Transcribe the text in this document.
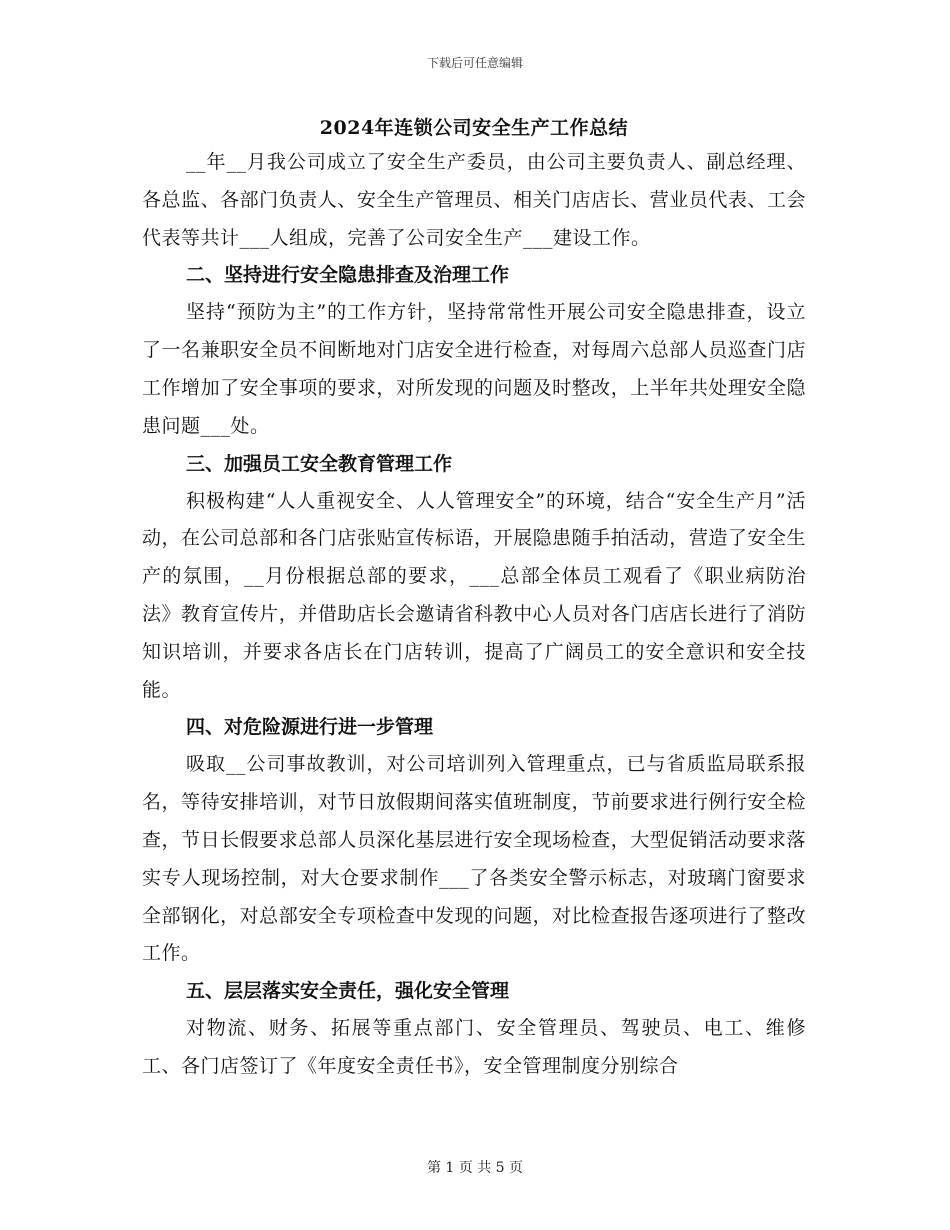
下载后可任意编辑
2024年连锁公司安全生产工作总结

__年__月我公司成立了安全生产委员，由公司主要负责人、副总经理、各总监、各部门负责人、安全生产管理员、相关门店店长、营业员代表、工会代表等共计___人组成，完善了公司安全生产___建设工作。

二、坚持进行安全隐患排查及治理工作

坚持“预防为主”的工作方针，坚持常常性开展公司安全隐患排查，设立了一名兼职安全员不间断地对门店安全进行检查，对每周六总部人员巡查门店工作增加了安全事项的要求，对所发现的问题及时整改，上半年共处理安全隐患问题___处。

三、加强员工安全教育管理工作

积极构建“人人重视安全、人人管理安全”的环境，结合“安全生产月”活动，在公司总部和各门店张贴宣传标语，开展隐患随手拍活动，营造了安全生产的氛围，__月份根据总部的要求，___总部全体员工观看了《职业病防治法》教育宣传片，并借助店长会邀请省科教中心人员对各门店店长进行了消防知识培训，并要求各店长在门店转训，提高了广阔员工的安全意识和安全技能。

四、对危险源进行进一步管理

吸取__公司事故教训，对公司培训列入管理重点，已与省质监局联系报名，等待安排培训，对节日放假期间落实值班制度，节前要求进行例行安全检查，节日长假要求总部人员深化基层进行安全现场检查，大型促销活动要求落实专人现场控制，对大仓要求制作___了各类安全警示标志，对玻璃门窗要求全部钢化，对总部安全专项检查中发现的问题，对比检查报告逐项进行了整改工作。

五、层层落实安全责任，强化安全管理

对物流、财务、拓展等重点部门、安全管理员、驾驶员、电工、维修工、各门店签订了《年度安全责任书》，安全管理制度分别综合

第 1 页 共 5 页
